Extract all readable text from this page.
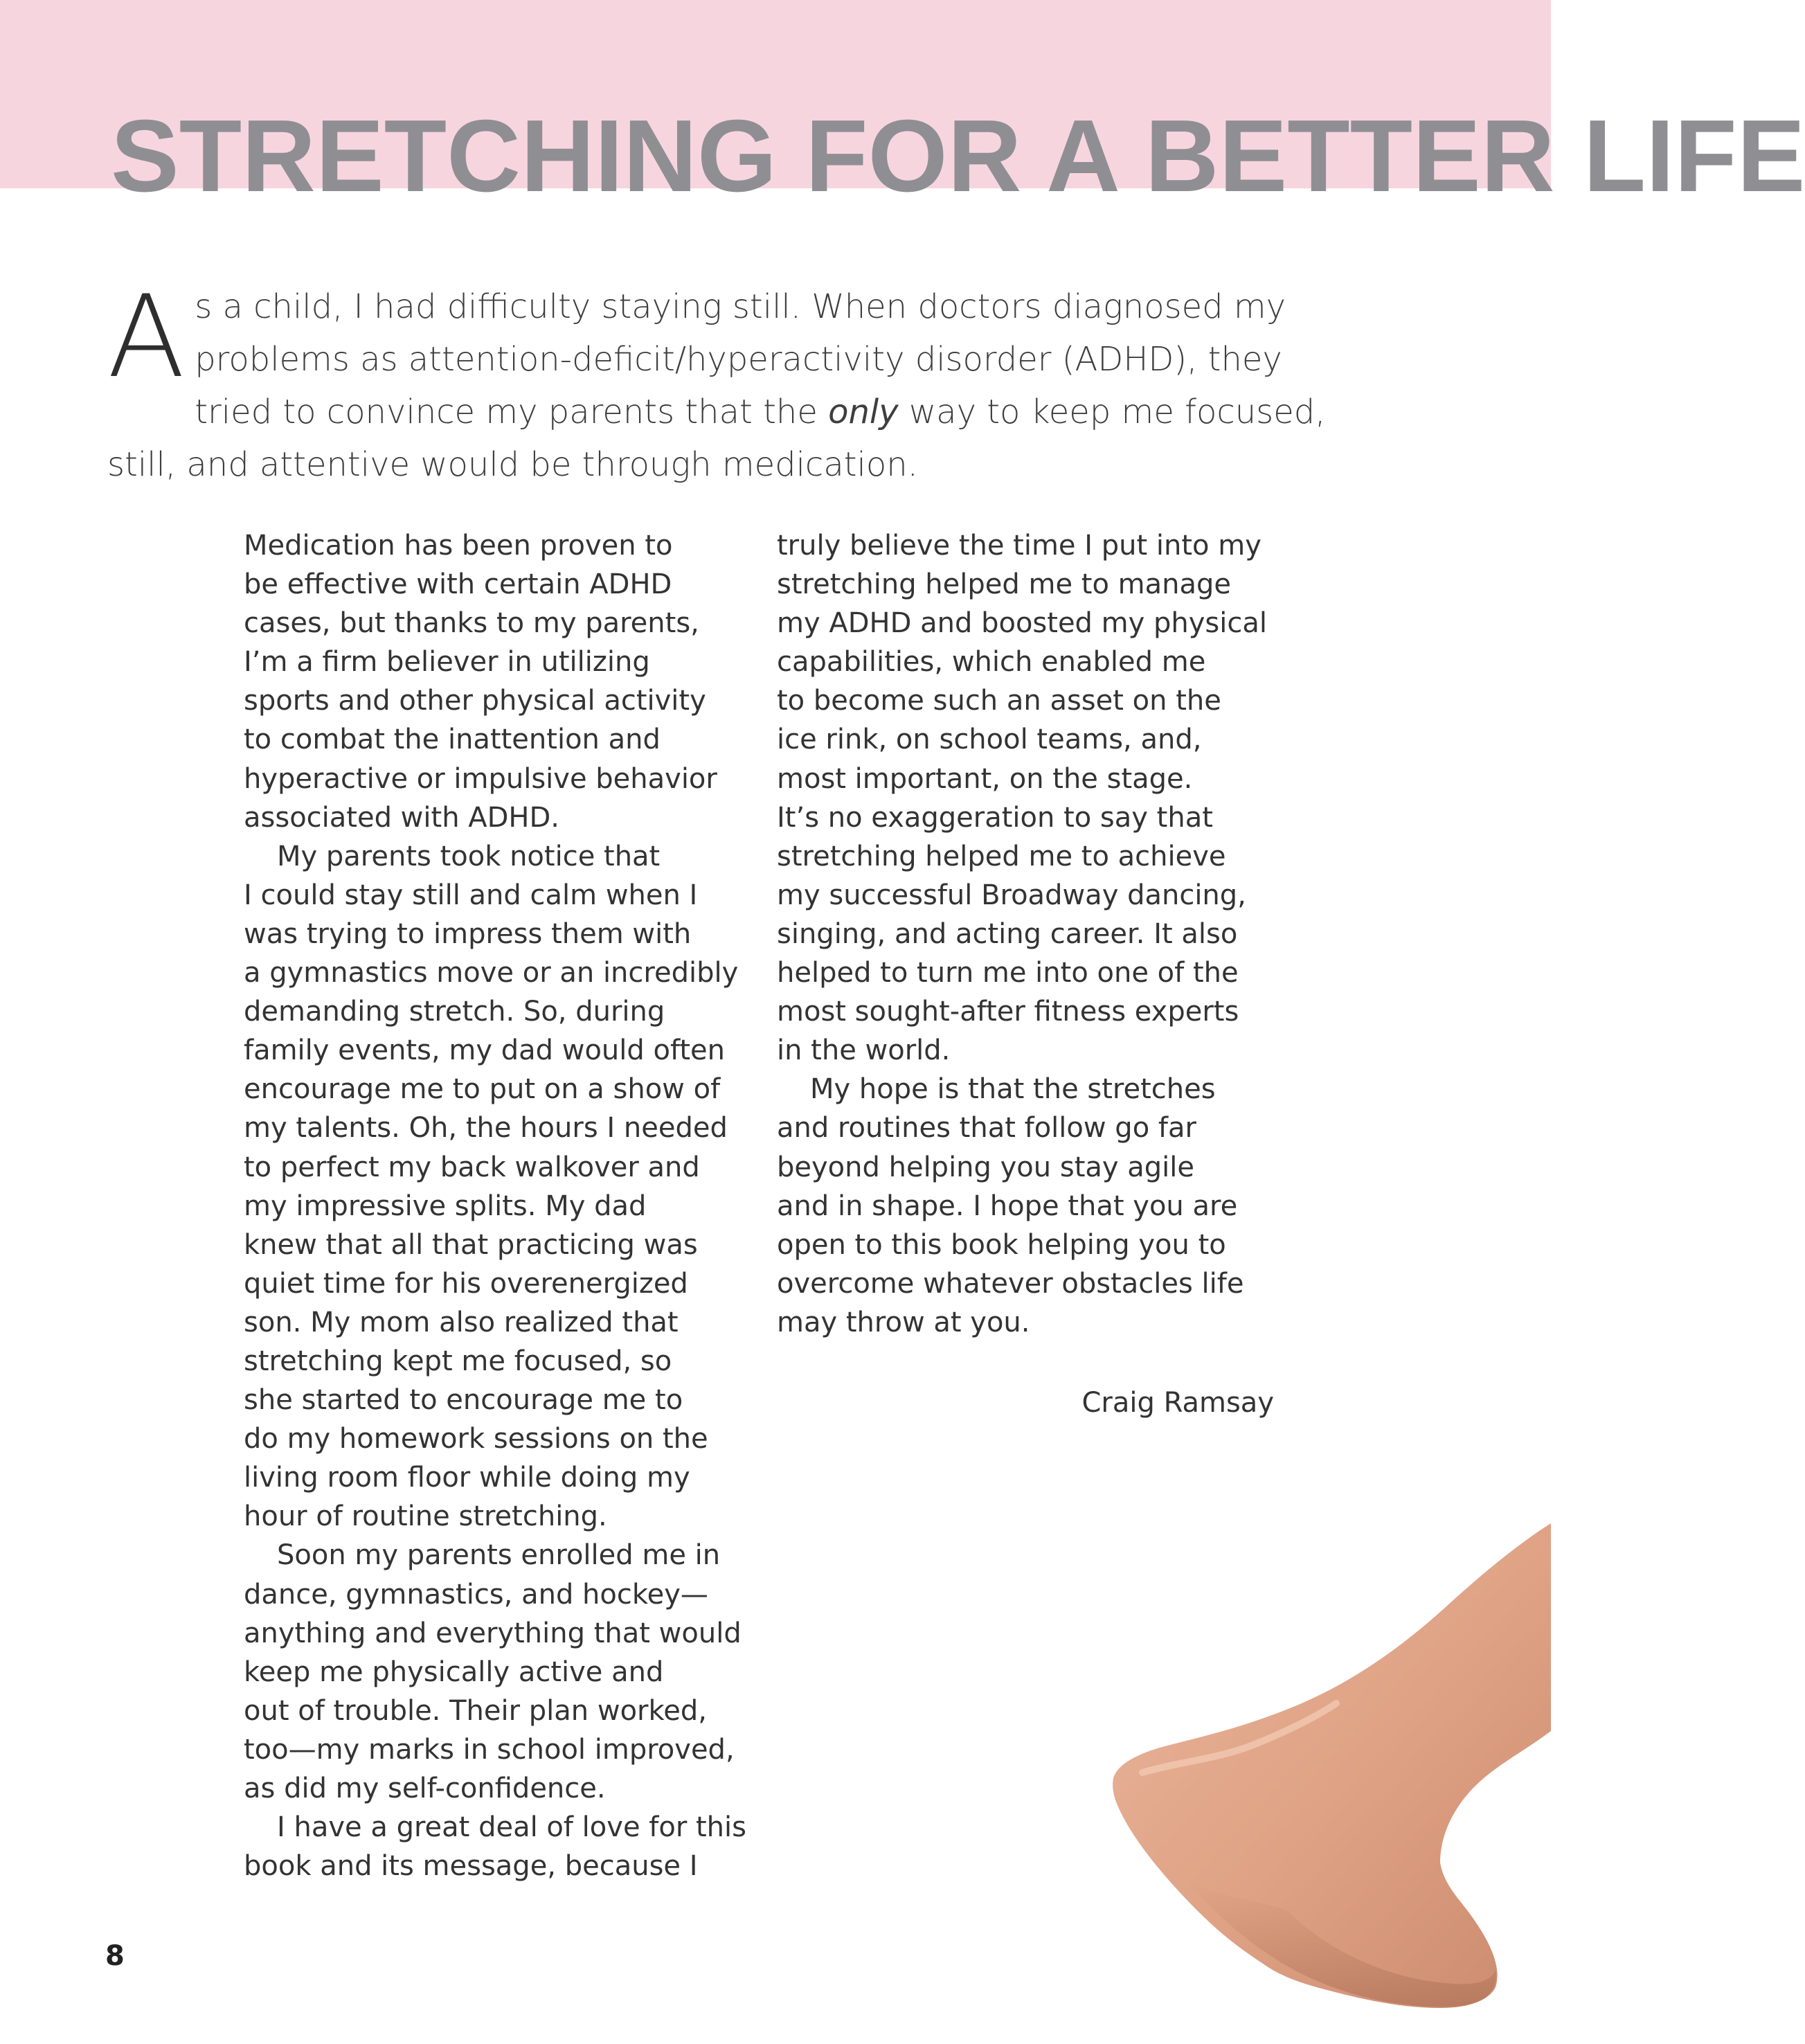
STRETCHING FOR A BETTER LIFE
A s a child, I had difficulty staying still. When doctors diagnosed my problems as attention-deficit/hyperactivity disorder (ADHD), they tried to convince my parents that the only way to keep me focused, still, and attentive would be through medication.

Medication has been proven to
be effective with certain ADHD
cases, but thanks to my parents,
I’m a firm believer in utilizing
sports and other physical activity
to combat the inattention and
hyperactive or impulsive behavior
associated with ADHD.

My parents took notice that
I could stay still and calm when I
was trying to impress them with
a gymnastics move or an incredibly
demanding stretch. So, during
family events, my dad would often
encourage me to put on a show of
my talents. Oh, the hours I needed
to perfect my back walkover and
my impressive splits. My dad
knew that all that practicing was
quiet time for his overenergized
son. My mom also realized that
stretching kept me focused, so
she started to encourage me to
do my homework sessions on the
living room floor while doing my
hour of routine stretching.

Soon my parents enrolled me in
dance, gymnastics, and hockey—
anything and everything that would
keep me physically active and
out of trouble. Their plan worked,
too—my marks in school improved,
as did my self-confidence.

I have a great deal of love for this
book and its message, because I

truly believe the time I put into my
stretching helped me to manage
my ADHD and boosted my physical
capabilities, which enabled me
to become such an asset on the
ice rink, on school teams, and,
most important, on the stage.
It’s no exaggeration to say that
stretching helped me to achieve
my successful Broadway dancing,
singing, and acting career. It also
helped to turn me into one of the
most sought-after fitness experts
in the world.

My hope is that the stretches
and routines that follow go far
beyond helping you stay agile
and in shape. I hope that you are
open to this book helping you to
overcome whatever obstacles life
may throw at you.

Craig Ramsay
8
